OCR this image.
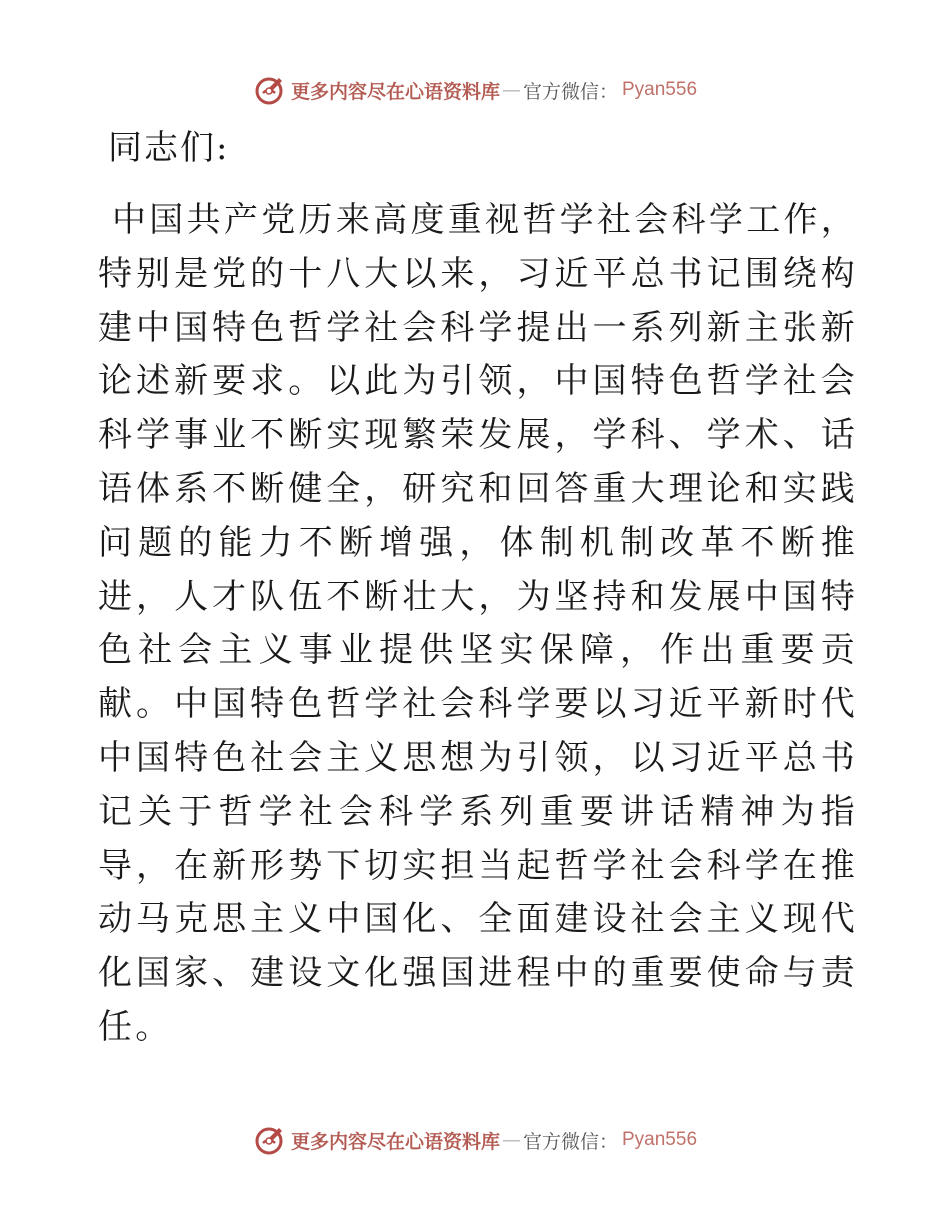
更多内容尽在心语资料库 — 官方微信： Pyan556

同志们:

中国共产党历来高度重视哲学社会科学工作，特别是党的十八大以来，习近平总书记围绕构建中国特色哲学社会科学提出一系列新主张新论述新要求。以此为引领，中国特色哲学社会科学事业不断实现繁荣发展，学科、学术、话语体系不断健全，研究和回答重大理论和实践问题的能力不断增强，体制机制改革不断推进，人才队伍不断壮大，为坚持和发展中国特色社会主义事业提供坚实保障，作出重要贡献。中国特色哲学社会科学要以习近平新时代中国特色社会主义思想为引领，以习近平总书记关于哲学社会科学系列重要讲话精神为指导，在新形势下切实担当起哲学社会科学在推动马克思主义中国化、全面建设社会主义现代化国家、建设文化强国进程中的重要使命与责任。

更多内容尽在心语资料库 — 官方微信： Pyan556
